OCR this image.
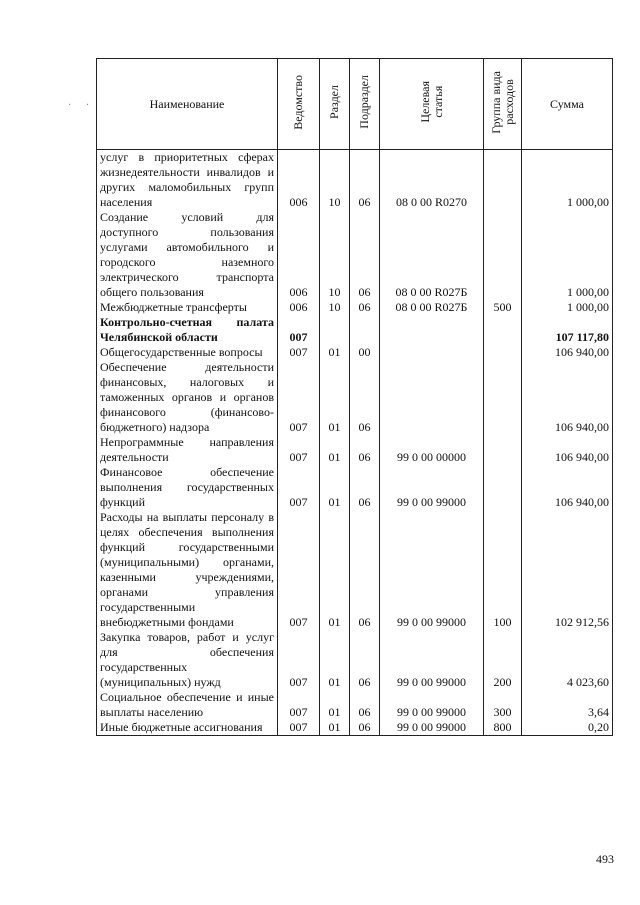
· ·	Наименование	Ведомство	Раздел	Подраздел	Целевая
статья	Группа вида
расходов	Сумма
услуг в приоритетных сферах жизнедеятельности инвалидов и других маломобильных групп населения	006	10	06	08 0 00 R0270		1 000,00
Создание условий для доступного пользования услугами автомобильного и городского наземного электрического транспорта общего пользования	006	10	06	08 0 00 R027Б		1 000,00
Межбюджетные трансферты	006	10	06	08 0 00 R027Б	500	1 000,00
Контрольно-счетная палата Челябинской области	007					107 117,80
Общегосударственные вопросы	007	01	00			106 940,00
Обеспечение деятельности финансовых, налоговых и таможенных органов и органов финансового (финансово-бюджетного) надзора	007	01	06			106 940,00
Непрограммные направления деятельности	007	01	06	99 0 00 00000		106 940,00
Финансовое обеспечение выполнения государственных функций	007	01	06	99 0 00 99000		106 940,00
Расходы на выплаты персоналу в целях обеспечения выполнения функций государственными (муниципальными) органами, казенными учреждениями, органами управления государственными внебюджетными фондами	007	01	06	99 0 00 99000	100	102 912,56
Закупка товаров, работ и услуг для обеспечения государственных (муниципальных) нужд	007	01	06	99 0 00 99000	200	4 023,60
Социальное обеспечение и иные выплаты населению	007	01	06	99 0 00 99000	300	3,64
Иные бюджетные ассигнования	007	01	06	99 0 00 99000	800	0,20
493
